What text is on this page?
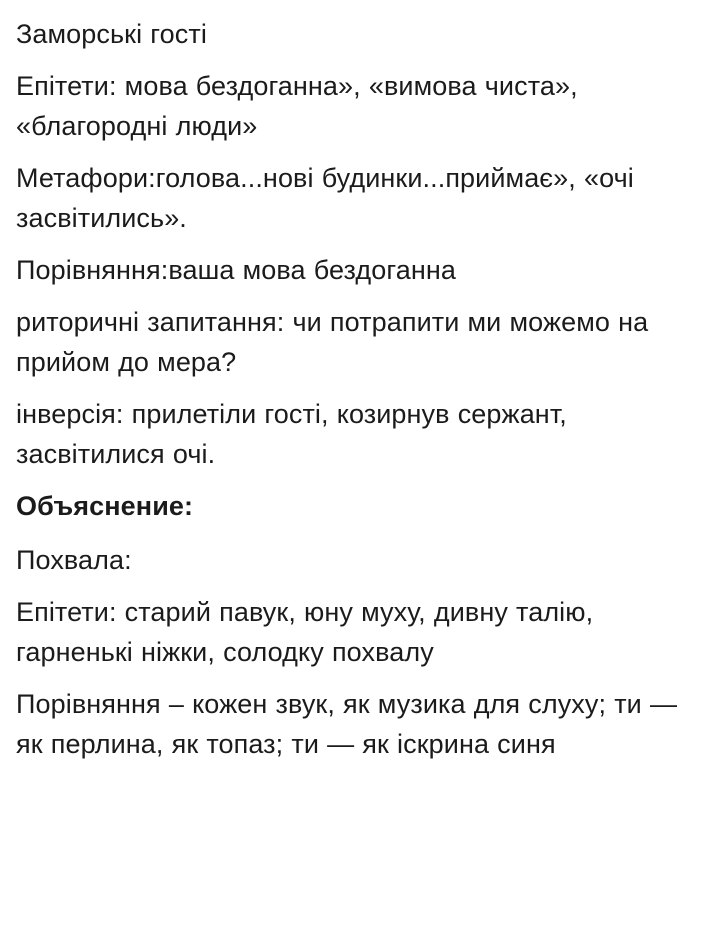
Заморські гості

Епітети: мова бездоганна», «вимова чиста», «благородні люди»

Метафори:голова...нові будинки...приймає», «очі засвітились».

Порівняння:ваша мова бездоганна

риторичні запитання: чи потрапити ми можемо на прийом до мера?

інверсія: прилетіли гості, козирнув сержант, засвітилися очі.

Объяснение:

Похвала:

Епітети: старий павук, юну муху, дивну талію, гарненькі ніжки, солодку похвалу

Порівняння – кожен звук, як музика для слуху; ти — як перлина, як топаз; ти — як іскрина синя
